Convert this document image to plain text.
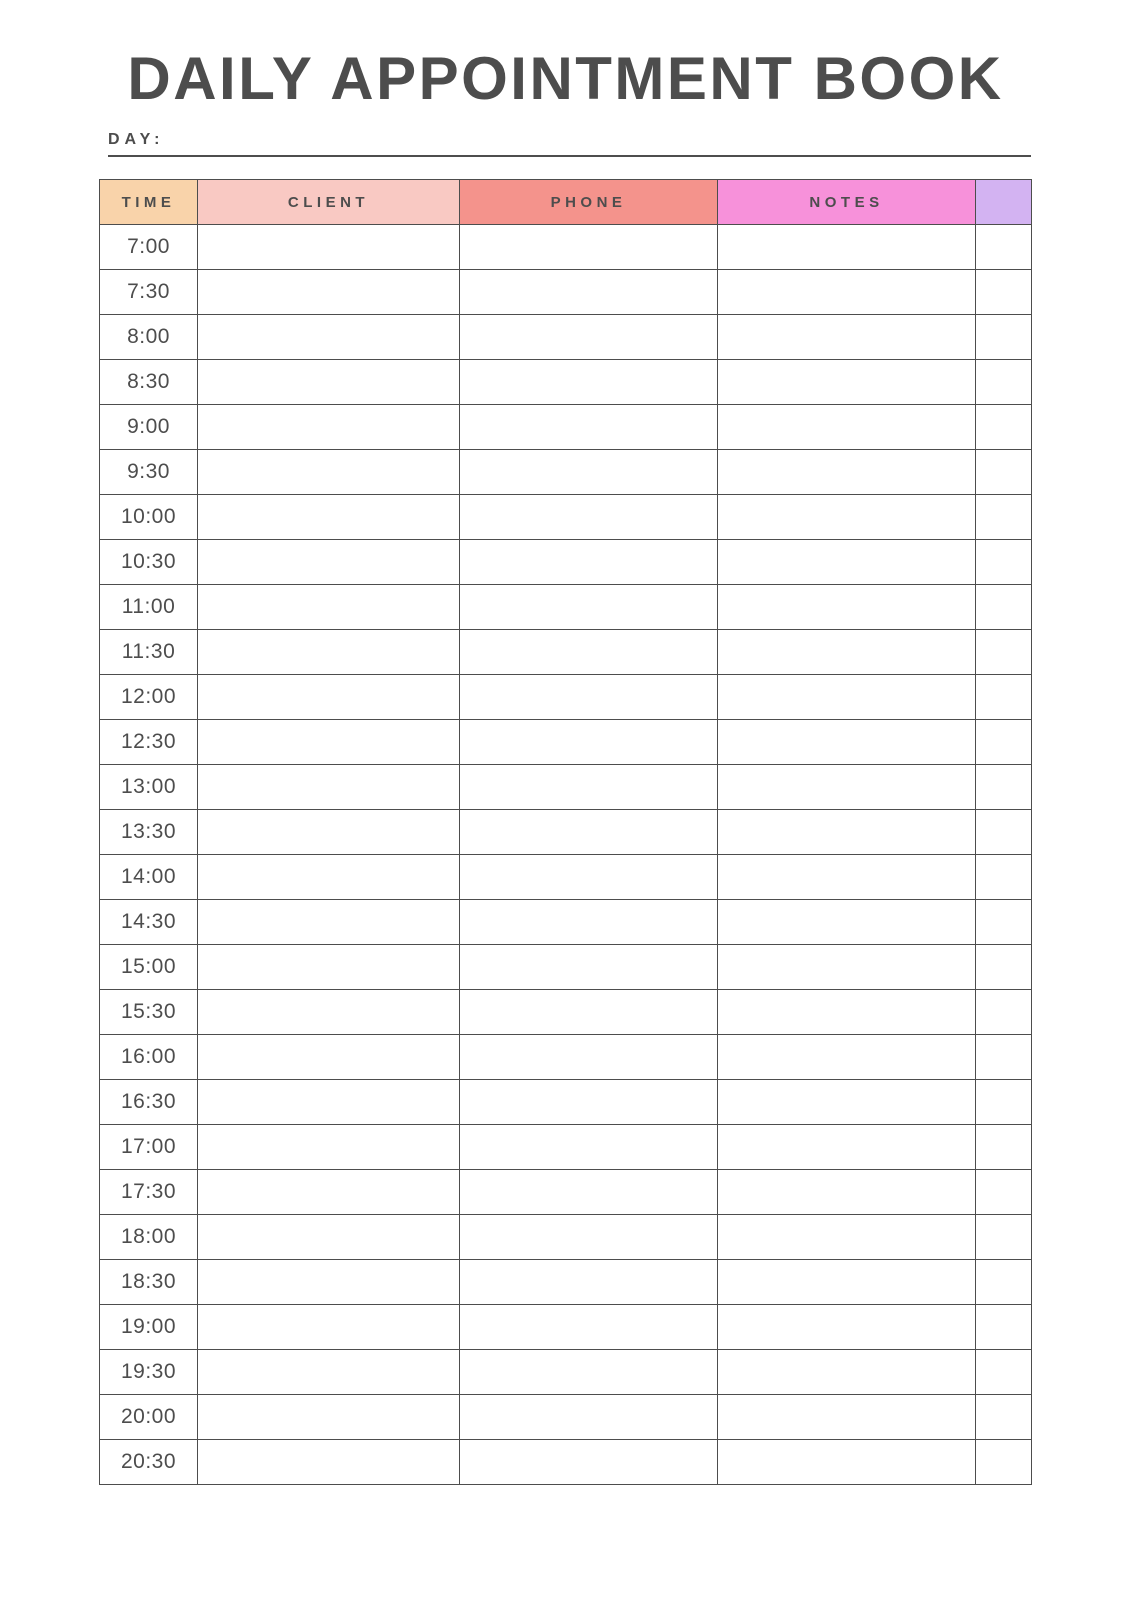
DAILY APPOINTMENT BOOK
DAY:
TIME	CLIENT	PHONE	NOTES	
7:00				
7:30				
8:00				
8:30				
9:00				
9:30				
10:00				
10:30				
11:00				
11:30				
12:00				
12:30				
13:00				
13:30				
14:00				
14:30				
15:00				
15:30				
16:00				
16:30				
17:00				
17:30				
18:00				
18:30				
19:00				
19:30				
20:00				
20:30				
